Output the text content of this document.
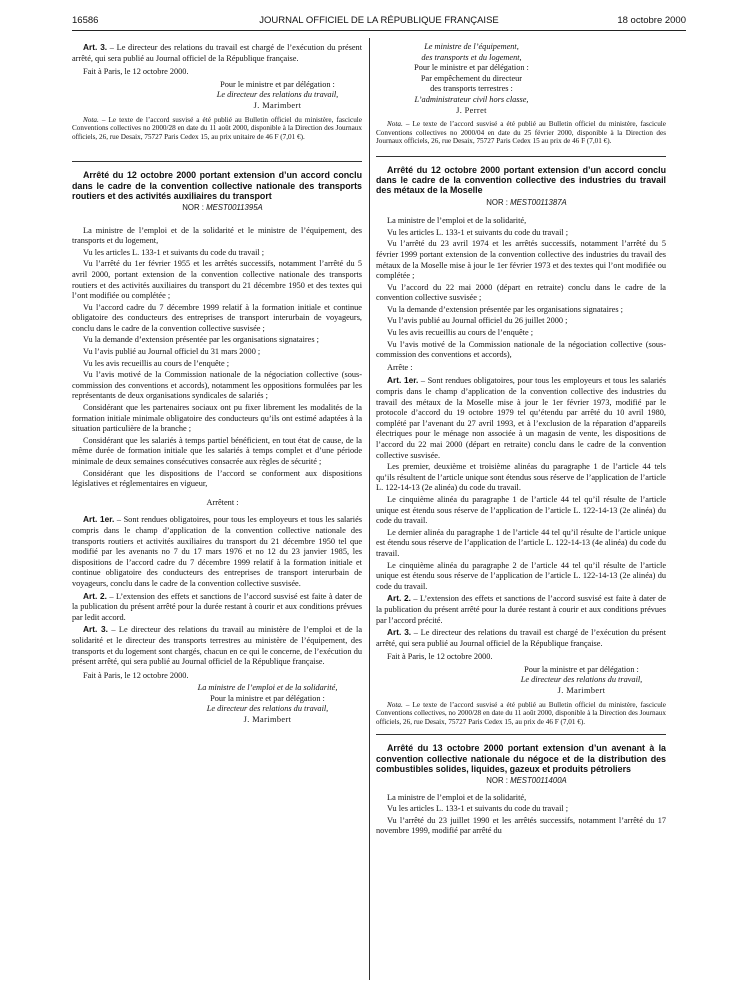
16586	JOURNAL OFFICIEL DE LA RÉPUBLIQUE FRANÇAISE	18 octobre 2000

Art. 3. – Le directeur des relations du travail est chargé de l’exécution du présent arrêté, qui sera publié au Journal officiel de la République française.

Fait à Paris, le 12 octobre 2000.

Pour le ministre et par délégation :

Le directeur des relations du travail,

J. Marimbert

Nota. – Le texte de l’accord susvisé a été publié au Bulletin officiel du ministère, fascicule Conventions collectives no 2000/28 en date du 11 août 2000, disponible à la Direction des Journaux officiels, 26, rue Desaix, 75727 Paris Cedex 15, au prix unitaire de 46 F (7,01 €).

Arrêté du 12 octobre 2000 portant extension d’un accord conclu dans le cadre de la convention collective nationale des transports routiers et des activités auxiliaires du transport

NOR : MEST0011395A

La ministre de l’emploi et de la solidarité et le ministre de l’équipement, des transports et du logement,

Vu les articles L. 133-1 et suivants du code du travail ;

Vu l’arrêté du 1er février 1955 et les arrêtés successifs, notamment l’arrêté du 5 avril 2000, portant extension de la convention collective nationale des transports routiers et des activités auxiliaires du transport du 21 décembre 1950 et des textes qui l’ont modifiée ou complétée ;

Vu l’accord cadre du 7 décembre 1999 relatif à la formation initiale et continue obligatoire des conducteurs des entreprises de transport interurbain de voyageurs, conclu dans le cadre de la convention collective susvisée ;

Vu la demande d’extension présentée par les organisations signataires ;

Vu l’avis publié au Journal officiel du 31 mars 2000 ;

Vu les avis recueillis au cours de l’enquête ;

Vu l’avis motivé de la Commission nationale de la négociation collective (sous-commission des conventions et accords), notamment les oppositions formulées par les représentants de deux organisations syndicales de salariés ;

Considérant que les partenaires sociaux ont pu fixer librement les modalités de la formation initiale minimale obligatoire des conducteurs qu’ils ont estimé adaptées à la situation particulière de la branche ;

Considérant que les salariés à temps partiel bénéficient, en tout état de cause, de la même durée de formation initiale que les salariés à temps complet et d’une période minimale de deux semaines consécutives consacrée aux règles de sécurité ;

Considérant que les dispositions de l’accord se conforment aux dispositions législatives et réglementaires en vigueur,

Arrêtent :

Art. 1er. – Sont rendues obligatoires, pour tous les employeurs et tous les salariés compris dans le champ d’application de la convention collective nationale des transports routiers et activités auxiliaires du transport du 21 décembre 1950 tel que modifié par les avenants no 7 du 17 mars 1976 et no 12 du 23 janvier 1985, les dispositions de l’accord cadre du 7 décembre 1999 relatif à la formation initiale et continue obligatoire des conducteurs des entreprises de transport interurbain de voyageurs, conclu dans le cadre de la convention collective susvisée.

Art. 2. – L’extension des effets et sanctions de l’accord susvisé est faite à dater de la publication du présent arrêté pour la durée restant à courir et aux conditions prévues par ledit accord.

Art. 3. – Le directeur des relations du travail au ministère de l’emploi et de la solidarité et le directeur des transports terrestres au ministère de l’équipement, des transports et du logement sont chargés, chacun en ce qui le concerne, de l’exécution du présent arrêté, qui sera publié au Journal officiel de la République française.

Fait à Paris, le 12 octobre 2000.

La ministre de l’emploi et de la solidarité,

Pour la ministre et par délégation :

Le directeur des relations du travail,

J. Marimbert

Le ministre de l’équipement,

des transports et du logement,

Pour le ministre et par délégation :

Par empêchement du directeur

des transports terrestres :

L’administrateur civil hors classe,

J. Perret

Nota. – Le texte de l’accord susvisé a été publié au Bulletin officiel du ministère, fascicule Conventions collectives no 2000/04 en date du 25 février 2000, disponible à la Direction des Journaux officiels, 26, rue Desaix, 75727 Paris Cedex 15 au prix de 46 F (7,01 €).

Arrêté du 12 octobre 2000 portant extension d’un accord conclu dans le cadre de la convention collective des industries du travail des métaux de la Moselle

NOR : MEST0011387A

La ministre de l’emploi et de la solidarité,

Vu les articles L. 133-1 et suivants du code du travail ;

Vu l’arrêté du 23 avril 1974 et les arrêtés successifs, notamment l’arrêté du 5 février 1999 portant extension de la convention collective des industries du travail des métaux de la Moselle mise à jour le 1er février 1973 et des textes qui l’ont modifiée ou complétée ;

Vu l’accord du 22 mai 2000 (départ en retraite) conclu dans le cadre de la convention collective susvisée ;

Vu la demande d’extension présentée par les organisations signataires ;

Vu l’avis publié au Journal officiel du 26 juillet 2000 ;

Vu les avis recueillis au cours de l’enquête ;

Vu l’avis motivé de la Commission nationale de la négociation collective (sous-commission des conventions et accords),

Arrête :

Art. 1er. – Sont rendues obligatoires, pour tous les employeurs et tous les salariés compris dans le champ d’application de la convention collective des industries du travail des métaux de la Moselle mise à jour le 1er février 1973, modifié par le protocole d’accord du 19 octobre 1979 tel qu’étendu par arrêté du 10 avril 1980, complété par l’avenant du 27 avril 1993, et à l’exclusion de la réparation d’appareils électriques pour le ménage non associée à un magasin de vente, les dispositions de l’accord du 22 mai 2000 (départ en retraite) conclu dans le cadre de la convention collective susvisée.

Les premier, deuxième et troisième alinéas du paragraphe 1 de l’article 44 tels qu’ils résultent de l’article unique sont étendus sous réserve de l’application de l’article L. 122-14-13 (2e alinéa) du code du travail.

Le cinquième alinéa du paragraphe 1 de l’article 44 tel qu’il résulte de l’article unique est étendu sous réserve de l’application de l’article L. 122-14-13 (2e alinéa) du code du travail.

Le dernier alinéa du paragraphe 1 de l’article 44 tel qu’il résulte de l’article unique est étendu sous réserve de l’application de l’article L. 122-14-13 (4e alinéa) du code du travail.

Le cinquième alinéa du paragraphe 2 de l’article 44 tel qu’il résulte de l’article unique est étendu sous réserve de l’application de l’article L. 122-14-13 (2e alinéa) du code du travail.

Art. 2. – L’extension des effets et sanctions de l’accord susvisé est faite à dater de la publication du présent arrêté pour la durée restant à courir et aux conditions prévues par l’accord précité.

Art. 3. – Le directeur des relations du travail est chargé de l’exécution du présent arrêté, qui sera publié au Journal officiel de la République française.

Fait à Paris, le 12 octobre 2000.

Pour la ministre et par délégation :

Le directeur des relations du travail,

J. Marimbert

Nota. – Le texte de l’accord susvisé a été publié au Bulletin officiel du ministère, fascicule Conventions collectives, no 2000/28 en date du 11 août 2000, disponible à la Direction des Journaux officiels, 26, rue Desaix, 75727 Paris Cedex 15, au prix de 46 F (7,01 €).

Arrêté du 13 octobre 2000 portant extension d’un avenant à la convention collective nationale du négoce et de la distribution des combustibles solides, liquides, gazeux et produits pétroliers

NOR : MEST0011400A

La ministre de l’emploi et de la solidarité,

Vu les articles L. 133-1 et suivants du code du travail ;

Vu l’arrêté du 23 juillet 1990 et les arrêtés successifs, notamment l’arrêté du 17 novembre 1999, modifié par arrêté du
